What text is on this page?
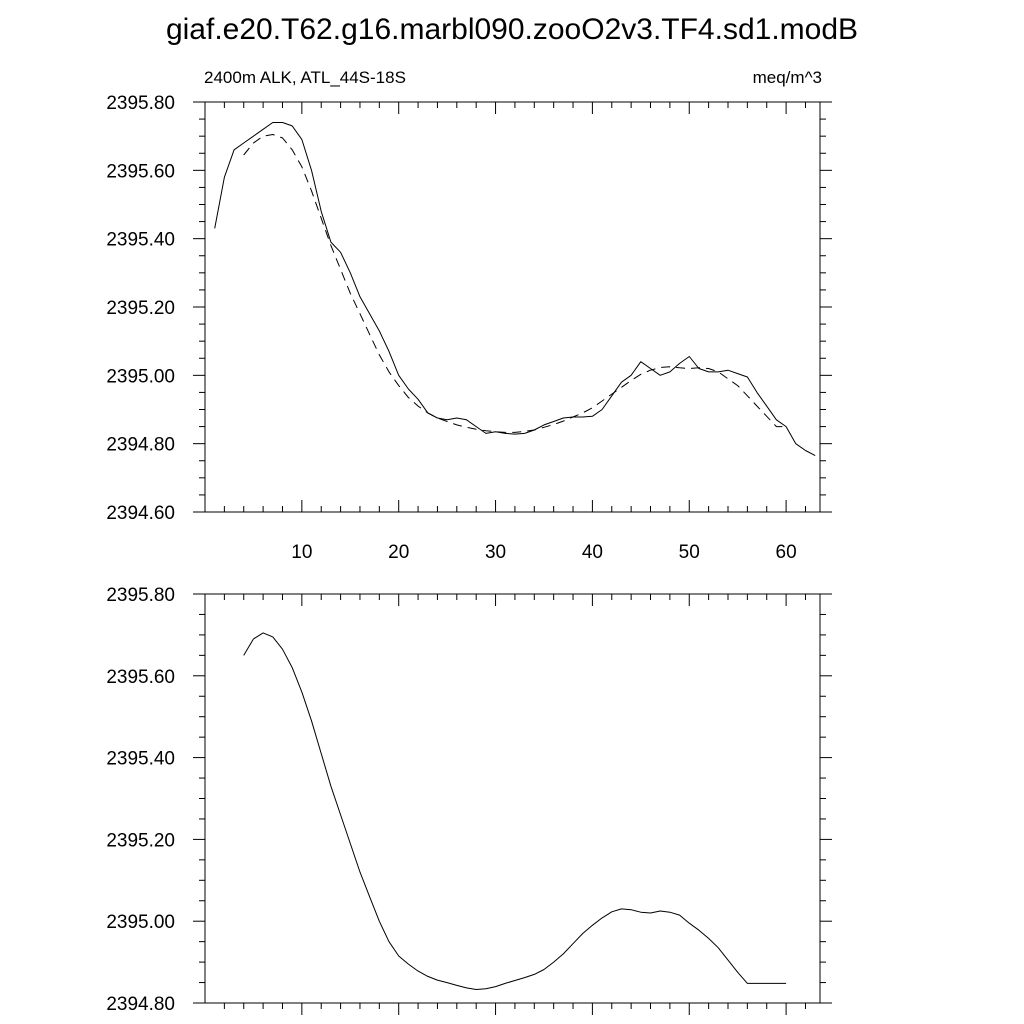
giaf.e20.T62.g16.marbl090.zooO2v3.TF4.sd1.modB
2400m ALK, ATL_44S-18S	meq/m^3
2394.60
2394.80
2395.00
2395.20
2395.40
2395.60
2395.80
10	20	30	40	50	60
2394.80
2395.00
2395.20
2395.40
2395.60
2395.80
